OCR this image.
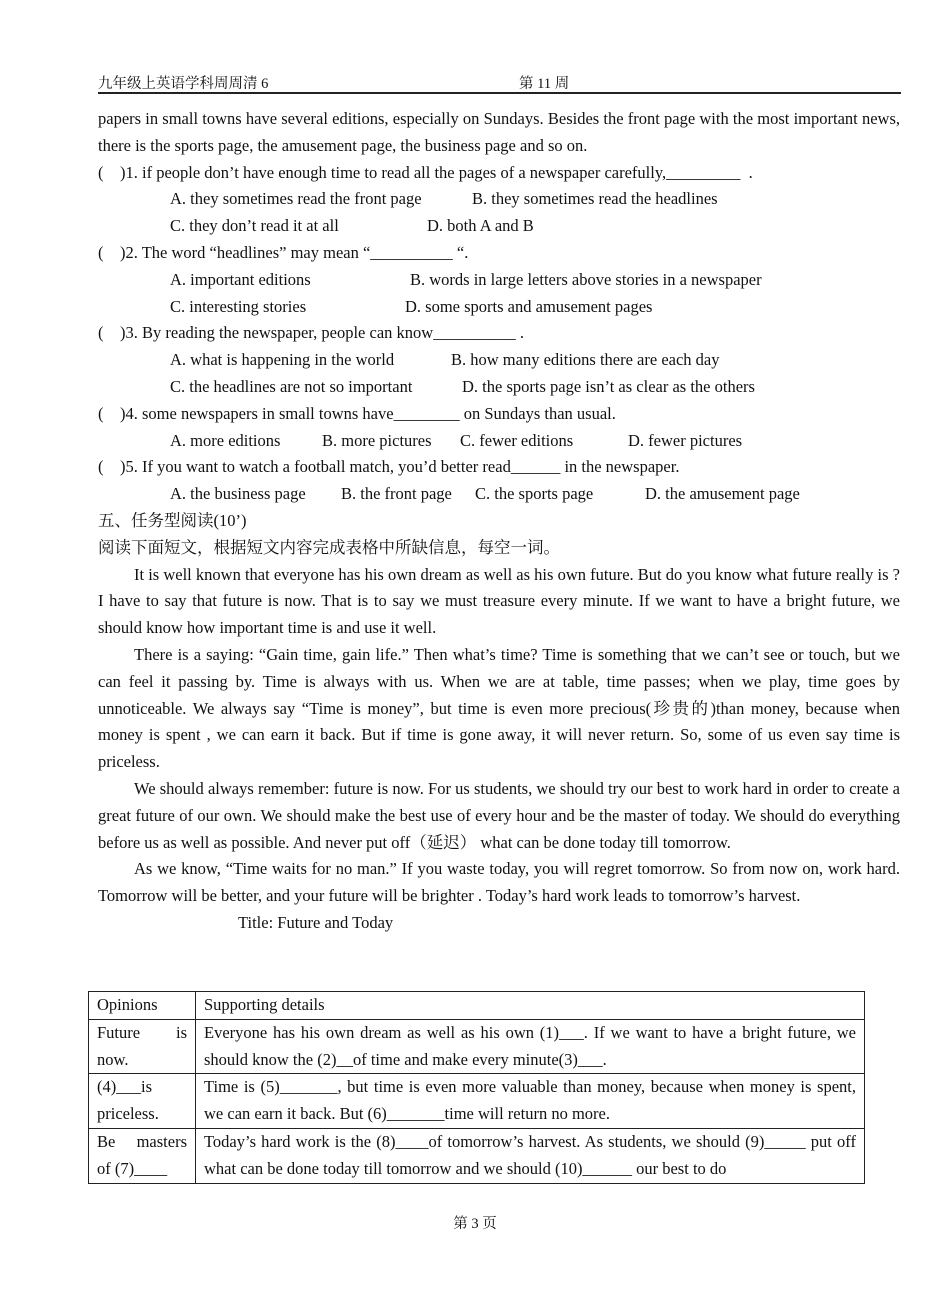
九年级上英语学科周周清 6	第 11 周

papers in small towns have several editions, especially on Sundays. Besides the front page with the most important news, there is the sports page, the amusement page, the business page and so on.

(    )1. if people don’t have enough time to read all the pages of a newspaper carefully,_________  .
A. they sometimes read the front page	B. they sometimes read the headlines
C. they don’t read it at all	D. both A and B
(    )2. The word “headlines” may mean “__________ “.
A. important editions	B. words in large letters above stories in a newspaper
C. interesting stories	D. some sports and amusement pages
(    )3. By reading the newspaper, people can know__________ .
A. what is happening in the world	B. how many editions there are each day
C. the headlines are not so important	D. the sports page isn’t as clear as the others
(    )4. some newspapers in small towns have________ on Sundays than usual.
A. more editions	B. more pictures C. fewer editions	D. fewer pictures
(    )5. If you want to watch a football match, you’d better read______ in the newspaper.
A. the business page B. the front page C. the sports page	D. the amusement page
五、任务型阅读(10’)
阅读下面短文，根据短文内容完成表格中所缺信息，每空一词。

It is well known that everyone has his own dream as well as his own future. But do you know what future really is ? I have to say that future is now. That is to say we must treasure every minute. If we want to have a bright future, we should know how important time is and use it well.

There is a saying: “Gain time, gain life.” Then what’s time? Time is something that we can’t see or touch, but we can feel it passing by. Time is always with us. When we are at table, time passes; when we play, time goes by unnoticeable. We always say “Time is money”, but time is even more precious(珍贵的)than money, because when money is spent , we can earn it back. But if time is gone away, it will never return. So, some of us even say time is priceless.

We should always remember: future is now. For us students, we should try our best to work hard in order to create a great future of our own. We should make the best use of every hour and be the master of today. We should do everything before us as well as possible. And never put off（延迟） what can be done today till tomorrow.

As we know, “Time waits for no man.” If you waste today, you will regret tomorrow. So from now on, work hard. Tomorrow will be better, and your future will be brighter . Today’s hard work leads to tomorrow’s harvest.

Title: Future and Today
Opinions	Supporting details
Future is now.	Everyone has his own dream as well as his own (1)___. If we want to have a bright future, we should know the (2)__of time and make every minute(3)___.
(4)___is priceless.	Time is (5)_______, but time is even more valuable than money, because when money is spent, we can earn it back. But (6)_______time will return no more.
Be masters of (7)____	Today’s hard work is the (8)____of tomorrow’s harvest. As students, we should (9)_____ put off what can be done today till tomorrow and we should (10)______ our best to do
第 3 页
